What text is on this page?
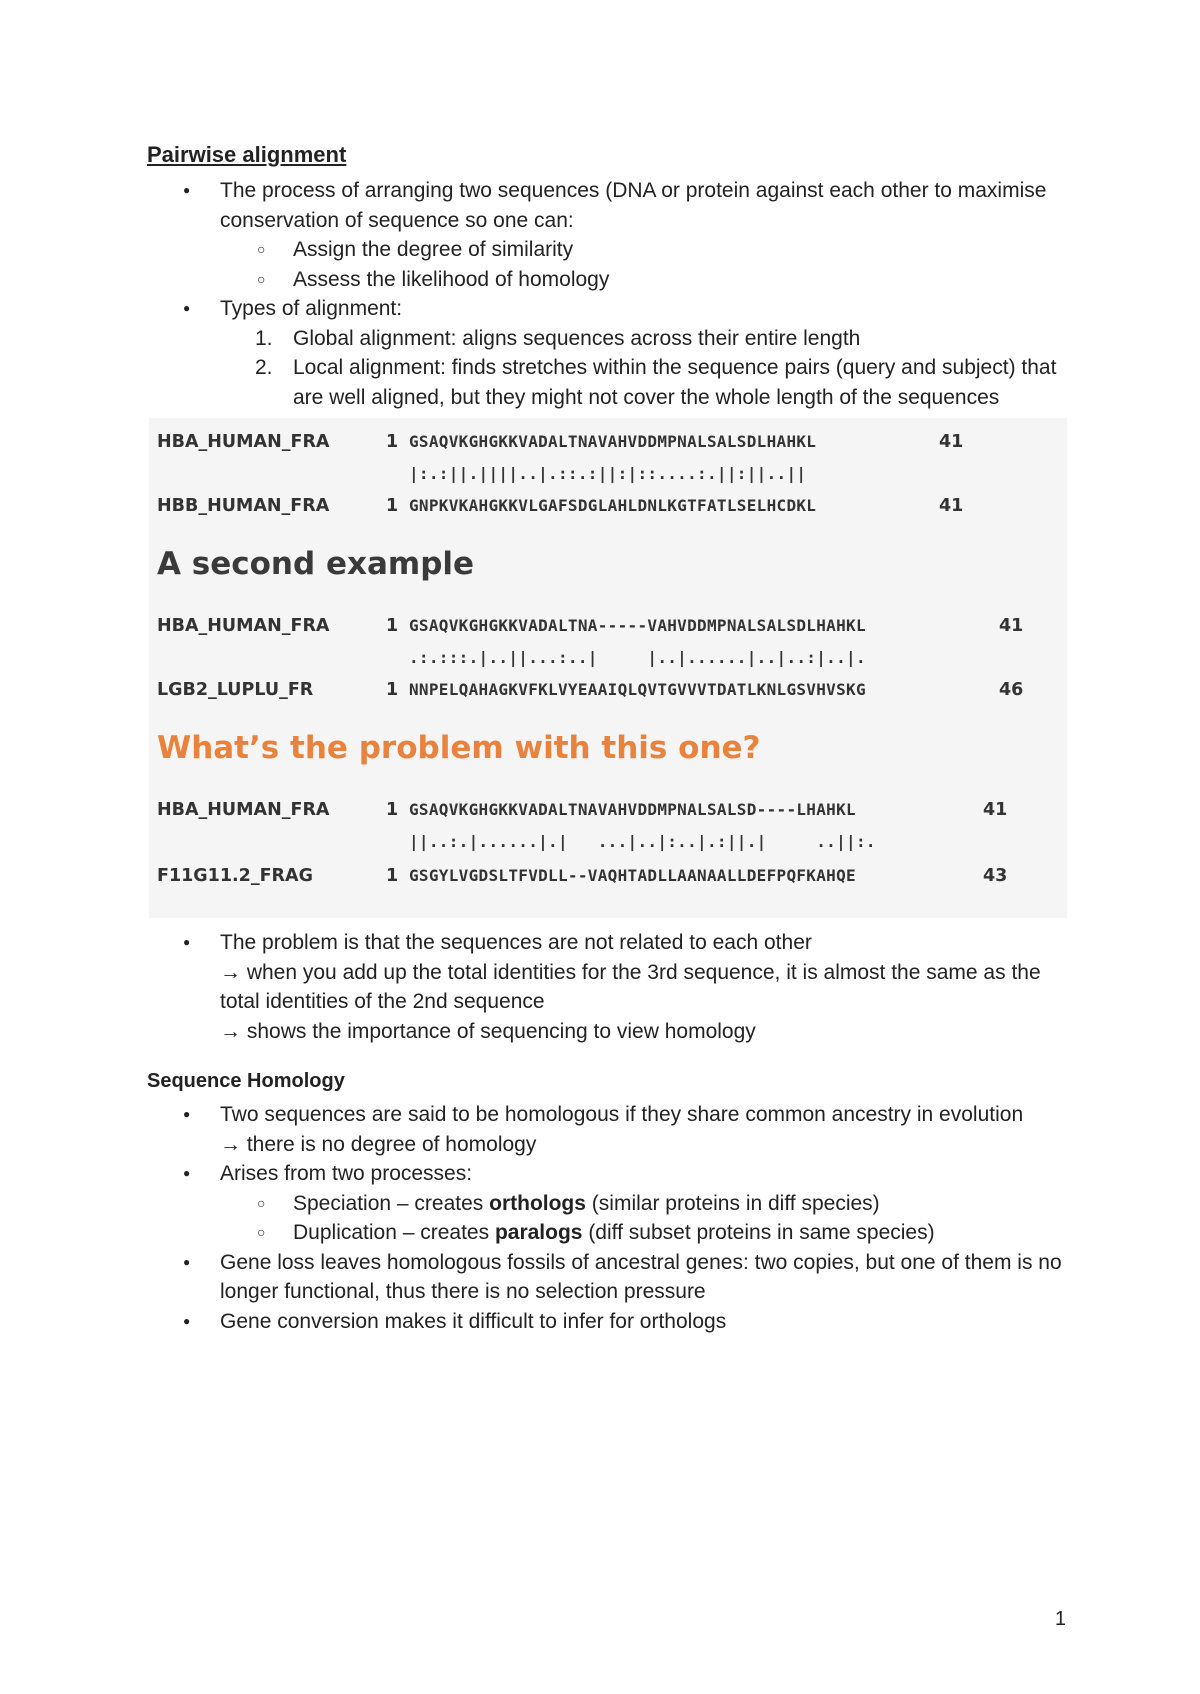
Pairwise alignment
● The process of arranging two sequences (DNA or protein against each other to maximise conservation of sequence so one can:
○ Assign the degree of similarity
○ Assess the likelihood of homology
● Types of alignment:
1. Global alignment: aligns sequences across their entire length
2. Local alignment: finds stretches within the sequence pairs (query and subject) that are well aligned, but they might not cover the whole length of the sequences
HBA_HUMAN_FRA	1 GSAQVKGHGKKVADALTNAVAHVDDMPNALSALSDLHAHKL	41
|:.:||.||||..|.::.:||:|::....:.||:||..||
HBB_HUMAN_FRA	1 GNPKVKAHGKKVLGAFSDGLAHLDNLKGTFATLSELHCDKL	41
A second example
HBA_HUMAN_FRA	1 GSAQVKGHGKKVADALTNA-----VAHVDDMPNALSALSDLHAHKL	41
.:.:::.|..||...:..|     |..|......|..|..:|..|.
LGB2_LUPLU_FR	1 NNPELQAHAGKVFKLVYEAAIQLQVTGVVVTDATLKNLGSVHVSKG	46
What’s the problem with this one?
HBA_HUMAN_FRA	1 GSAQVKGHGKKVADALTNAVAHVDDMPNALSALSD----LHAHKL	41
||..:.|......|.|   ...|..|:..|.:||.|     ..||:.
F11G11.2_FRAG	1 GSGYLVGDSLTFVDLL--VAQHTADLLAANAALLDEFPQFKAHQE	43
● The problem is that the sequences are not related to each other
→ when you add up the total identities for the 3rd sequence, it is almost the same as the total identities of the 2nd sequence
→ shows the importance of sequencing to view homology
Sequence Homology
● Two sequences are said to be homologous if they share common ancestry in evolution
→ there is no degree of homology
● Arises from two processes:
○ Speciation – creates orthologs (similar proteins in diff species)
○ Duplication – creates paralogs (diff subset proteins in same species)
● Gene loss leaves homologous fossils of ancestral genes: two copies, but one of them is no longer functional, thus there is no selection pressure
● Gene conversion makes it difficult to infer for orthologs
1
